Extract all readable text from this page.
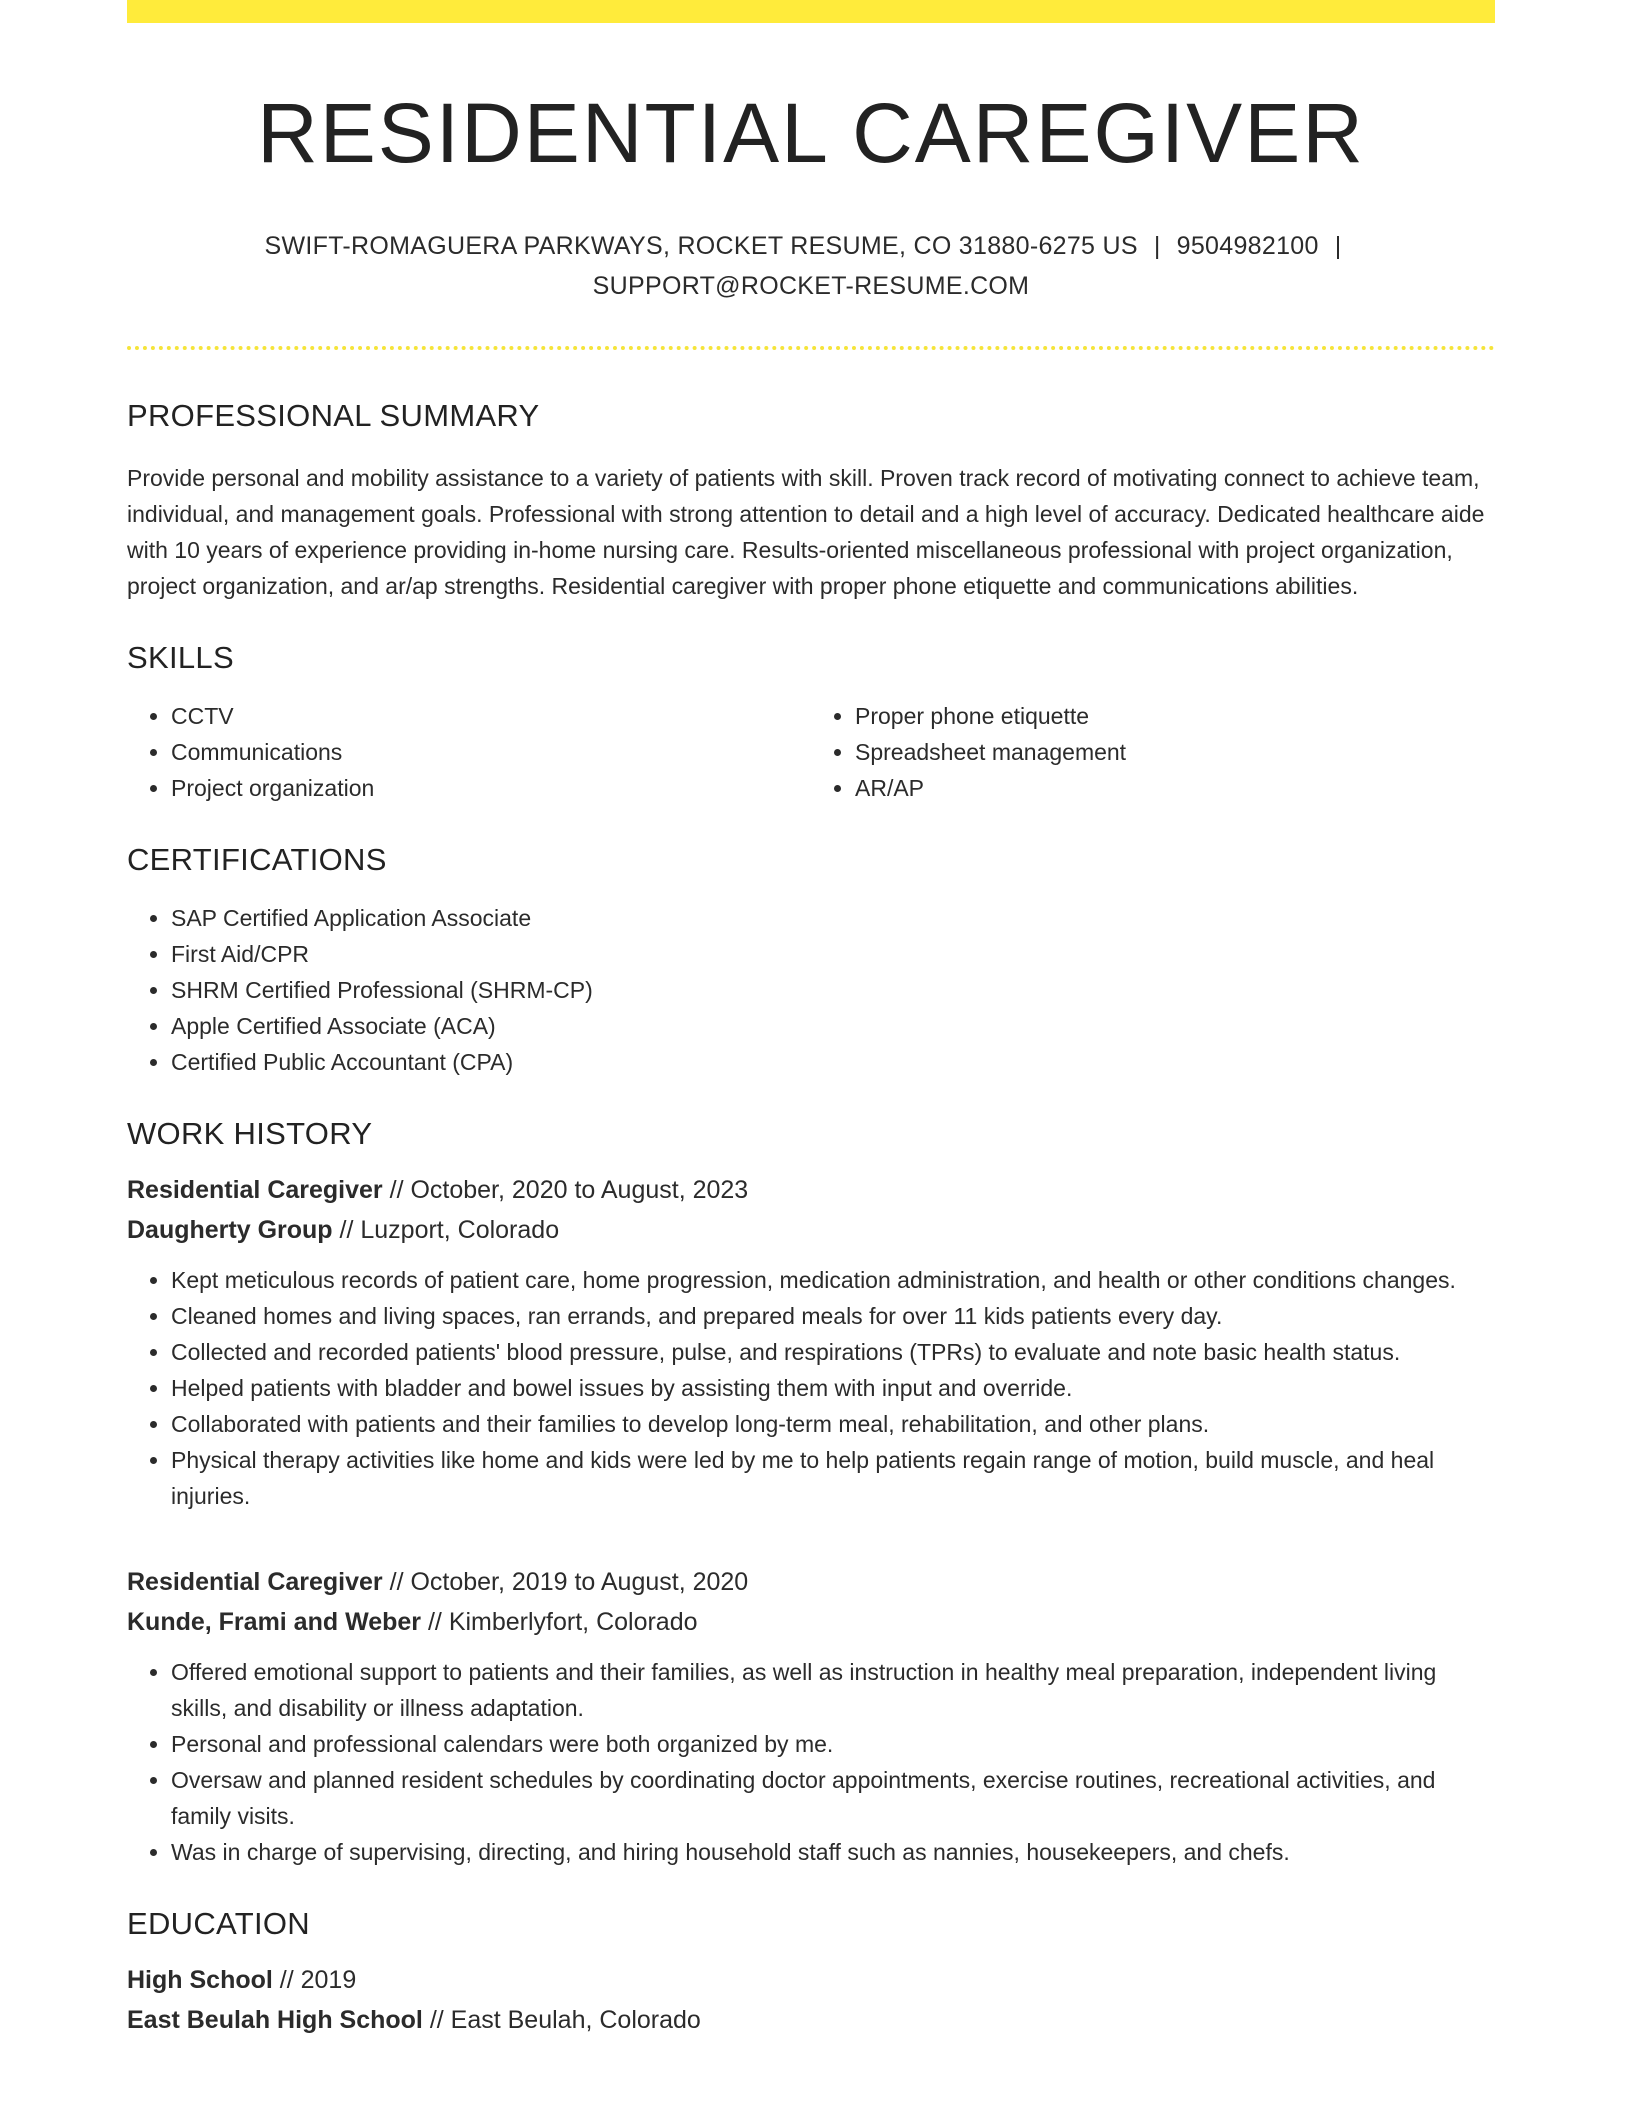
RESIDENTIAL CAREGIVER
SWIFT-ROMAGUERA PARKWAYS, ROCKET RESUME, CO 31880-6275 US | 9504982100 |
SUPPORT@ROCKET-RESUME.COM
PROFESSIONAL SUMMARY

Provide personal and mobility assistance to a variety of patients with skill. Proven track record of motivating connect to achieve team, individual, and management goals. Professional with strong attention to detail and a high level of accuracy. Dedicated healthcare aide with 10 years of experience providing in-home nursing care. Results-oriented miscellaneous professional with project organization, project organization, and ar/ap strengths. Residential caregiver with proper phone etiquette and communications abilities.

SKILLS
• CCTV
• Communications
• Project organization
• Proper phone etiquette
• Spreadsheet management
• AR/AP
CERTIFICATIONS
• SAP Certified Application Associate
• First Aid/CPR
• SHRM Certified Professional (SHRM-CP)
• Apple Certified Associate (ACA)
• Certified Public Accountant (CPA)
WORK HISTORY
Residential Caregiver // October, 2020 to August, 2023
Daugherty Group // Luzport, Colorado
• Kept meticulous records of patient care, home progression, medication administration, and health or other conditions changes.
• Cleaned homes and living spaces, ran errands, and prepared meals for over 11 kids patients every day.
• Collected and recorded patients' blood pressure, pulse, and respirations (TPRs) to evaluate and note basic health status.
• Helped patients with bladder and bowel issues by assisting them with input and override.
• Collaborated with patients and their families to develop long-term meal, rehabilitation, and other plans.
• Physical therapy activities like home and kids were led by me to help patients regain range of motion, build muscle, and heal injuries.
Residential Caregiver // October, 2019 to August, 2020
Kunde, Frami and Weber // Kimberlyfort, Colorado
• Offered emotional support to patients and their families, as well as instruction in healthy meal preparation, independent living skills, and disability or illness adaptation.
• Personal and professional calendars were both organized by me.
• Oversaw and planned resident schedules by coordinating doctor appointments, exercise routines, recreational activities, and family visits.
• Was in charge of supervising, directing, and hiring household staff such as nannies, housekeepers, and chefs.
EDUCATION
High School // 2019
East Beulah High School // East Beulah, Colorado
